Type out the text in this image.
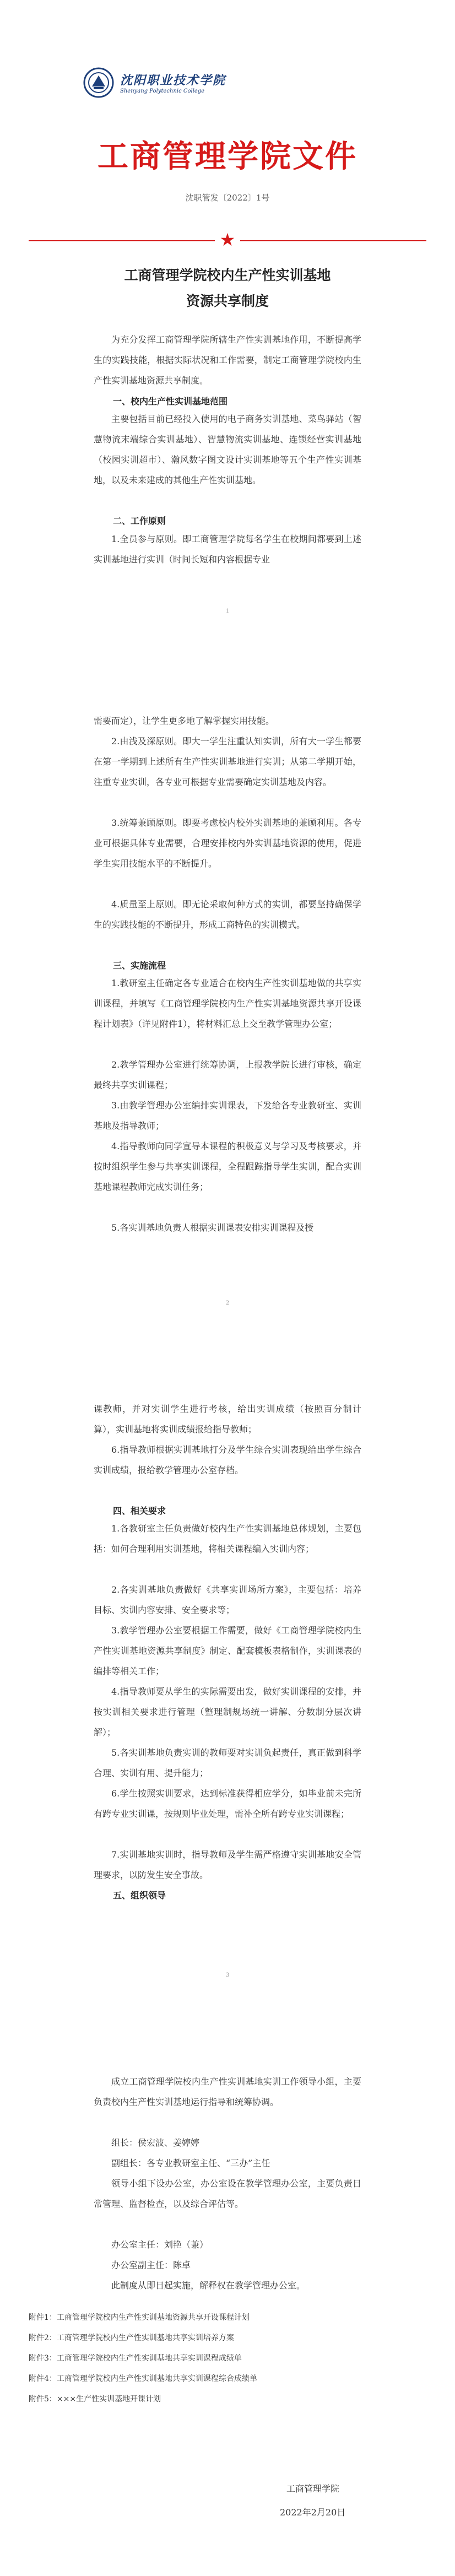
沈阳职业技术学院
Shenyang Polytechnic College
工商管理学院文件
沈职管发〔2022〕1号
★
工商管理学院校内生产性实训基地
资源共享制度

为充分发挥工商管理学院所辖生产性实训基地作用，不断提高学生的实践技能，根据实际状况和工作需要，制定工商管理学院校内生产性实训基地资源共享制度。

一、校内生产性实训基地范围

主要包括目前已经投入使用的电子商务实训基地、菜鸟驿站（智慧物流末端综合实训基地）、智慧物流实训基地、连锁经营实训基地（校园实训超市）、瀚风数字图文设计实训基地等五个生产性实训基地，以及未来建成的其他生产性实训基地。

二、工作原则

1.全员参与原则。即工商管理学院每名学生在校期间都要到上述实训基地进行实训（时间长短和内容根据专业

1

需要而定），让学生更多地了解掌握实用技能。

2.由浅及深原则。即大一学生注重认知实训，所有大一学生都要在第一学期到上述所有生产性实训基地进行实训；从第二学期开始，注重专业实训，各专业可根据专业需要确定实训基地及内容。

3.统筹兼顾原则。即要考虑校内校外实训基地的兼顾利用。各专业可根据具体专业需要，合理安排校内外实训基地资源的使用，促进学生实用技能水平的不断提升。

4.质量至上原则。即无论采取何种方式的实训，都要坚持确保学生的实践技能的不断提升，形成工商特色的实训模式。

三、实施流程

1.教研室主任确定各专业适合在校内生产性实训基地做的共享实训课程，并填写《工商管理学院校内生产性实训基地资源共享开设课程计划表》（详见附件1），将材料汇总上交至教学管理办公室；

2.教学管理办公室进行统筹协调，上报教学院长进行审核，确定最终共享实训课程；

3.由教学管理办公室编排实训课表，下发给各专业教研室、实训基地及指导教师；

4.指导教师向同学宣导本课程的积极意义与学习及考核要求，并按时组织学生参与共享实训课程，全程跟踪指导学生实训，配合实训基地课程教师完成实训任务；

5.各实训基地负责人根据实训课表安排实训课程及授

2

课教师，并对实训学生进行考核，给出实训成绩（按照百分制计算），实训基地将实训成绩报给指导教师；

6.指导教师根据实训基地打分及学生综合实训表现给出学生综合实训成绩，报给教学管理办公室存档。

四、相关要求

1.各教研室主任负责做好校内生产性实训基地总体规划，主要包括：如何合理利用实训基地，将相关课程编入实训内容；

2.各实训基地负责做好《共享实训场所方案》，主要包括：培养目标、实训内容安排、安全要求等；

3.教学管理办公室要根据工作需要，做好《工商管理学院校内生产性实训基地资源共享制度》制定、配套模板表格制作，实训课表的编排等相关工作；

4.指导教师要从学生的实际需要出发，做好实训课程的安排，并按实训相关要求进行管理（整理制规场统一讲解、分数制分层次讲解）；

5.各实训基地负责实训的教师要对实训负起责任，真正做到科学合理、实训有用、提升能力；

6.学生按照实训要求，达到标准获得相应学分，如毕业前未完所有跨专业实训课，按规则毕业处理，需补全所有跨专业实训课程；

7.实训基地实训时，指导教师及学生需严格遵守实训基地安全管理要求，以防发生安全事故。

五、组织领导
3

成立工商管理学院校内生产性实训基地实训工作领导小组，主要负责校内生产性实训基地运行指导和统筹协调。

组长：侯宏波、姜婷婷

副组长：各专业教研室主任、“三办”主任

领导小组下设办公室，办公室设在教学管理办公室，主要负责日常管理、监督检查，以及综合评估等。

办公室主任：刘艳（兼）

办公室副主任：陈卓

此制度从即日起实施，解释权在教学管理办公室。

附件1：工商管理学院校内生产性实训基地资源共享开设课程计划
附件2：工商管理学院校内生产性实训基地共享实训培养方案
附件3：工商管理学院校内生产性实训基地共享实训课程成绩单
附件4：工商管理学院校内生产性实训基地共享实训课程综合成绩单
附件5：×××生产性实训基地开课计划
工商管理学院
2022年2月20日
